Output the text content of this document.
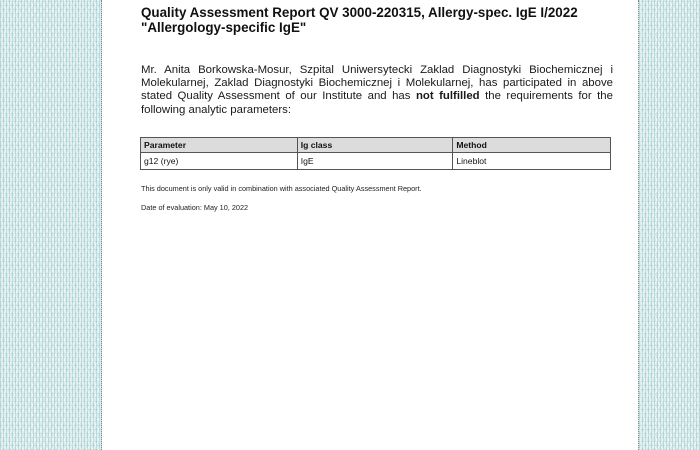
Quality Assessment Report QV 3000-220315, Allergy-spec. IgE I/2022
"Allergology-specific IgE"
Mr. Anita Borkowska-Mosur, Szpital Uniwersytecki Zaklad Diagnostyki Biochemicznej i Molekularnej, Zaklad Diagnostyki Biochemicznej i Molekularnej, has participated in above stated Quality Assessment of our Institute and has not fulfilled the requirements for the following analytic parameters:
Parameter	Ig class	Method
g12 (rye)	IgE	Lineblot
This document is only valid in combination with associated Quality Assessment Report.
Date of evaluation: May 10, 2022
